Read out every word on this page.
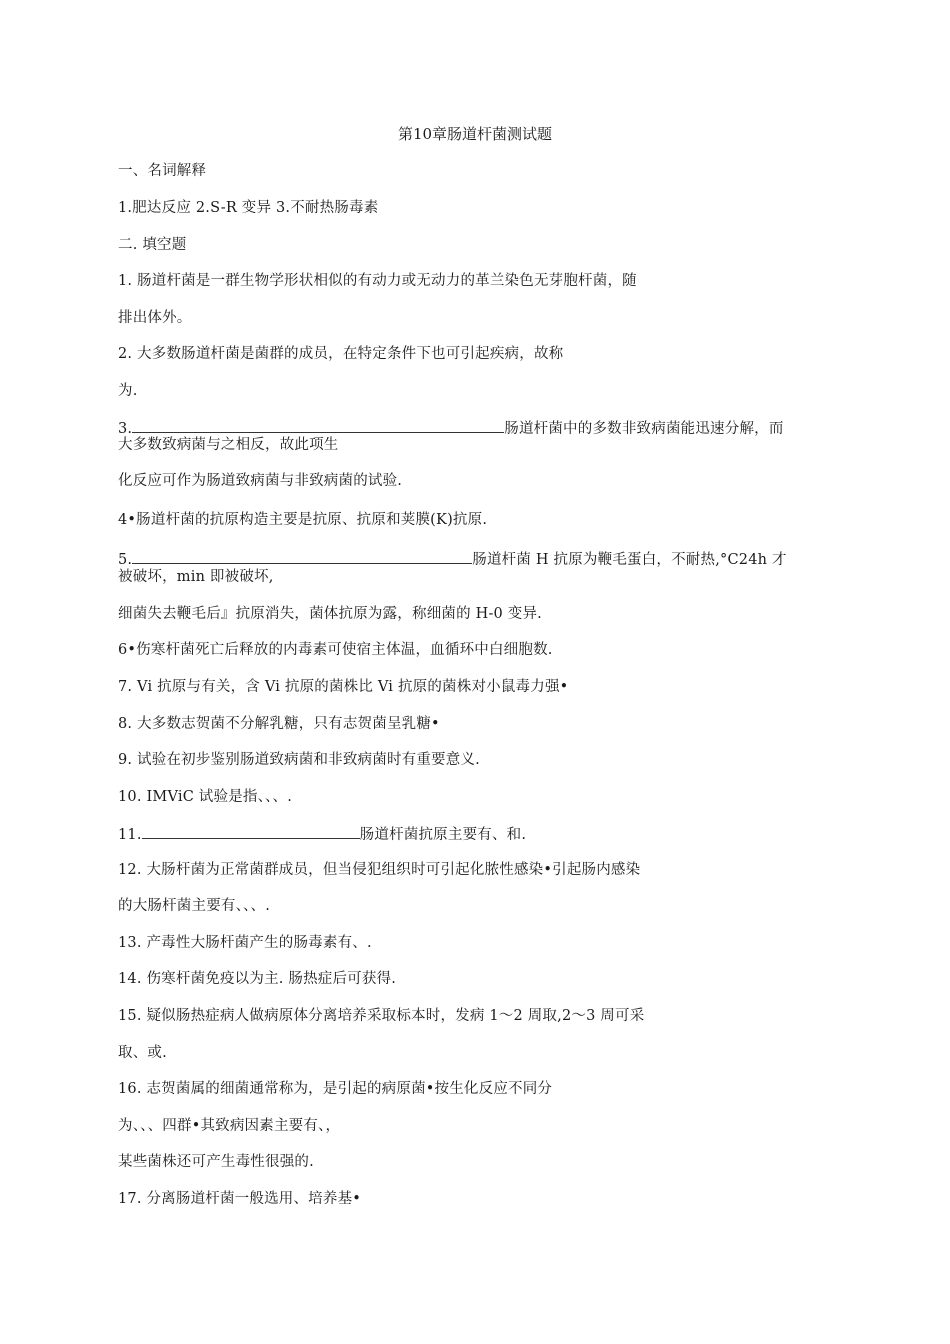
第10章肠道杆菌测试题
一、名词解释
1.肥达反应 2.S-R 变异 3.不耐热肠毒素
二. 填空题
1. 肠道杆菌是一群生物学形状相似的有动力或无动力的革兰染色无芽胞杆菌，随
排出体外。
2. 大多数肠道杆菌是菌群的成员，在特定条件下也可引起疾病，故称
为.
3.	肠道杆菌中的多数非致病菌能迅速分解，而
大多数致病菌与之相反，故此项生
化反应可作为肠道致病菌与非致病菌的试验.
4•肠道杆菌的抗原构造主要是抗原、抗原和荚膜(K)抗原.
5.	肠道杆菌 H 抗原为鞭毛蛋白，不耐热,°C24h 才
被破坏，min 即被破坏,
细菌失去鞭毛后』抗原消失，菌体抗原为露，称细菌的 H-0 变异.
6•伤寒杆菌死亡后释放的内毒素可使宿主体温，血循环中白细胞数.
7. Vi 抗原与有关，含 Vi 抗原的菌株比 Vi 抗原的菌株对小鼠毒力强•
8. 大多数志贺菌不分解乳糖，只有志贺菌呈乳糖•
9. 试验在初步鉴别肠道致病菌和非致病菌时有重要意义.
10. IMViC 试验是指、、、.
11.	肠道杆菌抗原主要有、和.
12. 大肠杆菌为正常菌群成员，但当侵犯组织时可引起化脓性感染•引起肠内感染
的大肠杆菌主要有、、、.
13. 产毒性大肠杆菌产生的肠毒素有、.
14. 伤寒杆菌免疫以为主. 肠热症后可获得.
15. 疑似肠热症病人做病原体分离培养采取标本时，发病 1～2 周取,2～3 周可采
取、或.
16. 志贺菌属的细菌通常称为，是引起的病原菌•按生化反应不同分
为、、、四群•其致病因素主要有、，
某些菌株还可产生毒性很强的.
17. 分离肠道杆菌一般选用、培养基•
